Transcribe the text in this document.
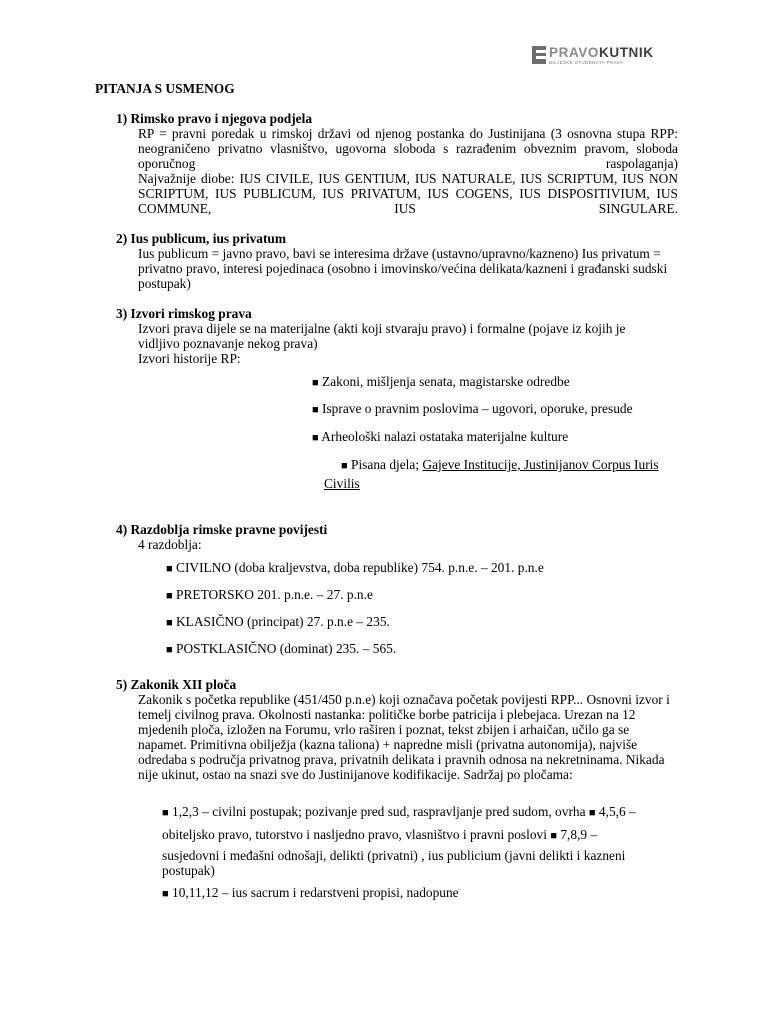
PRAVOKUTNIK
BILJEŠKE STUDENATA PRAVA
PITANJA S USMENOG
1) Rimsko pravo i njegova podjela
RP = pravni poredak u rimskoj državi od njenog postanka do Justinijana (3 osnovna stupa RPP: neograničeno privatno vlasništvo, ugovorna sloboda s razrađenim obveznim pravom, sloboda oporučnog raspolaganja)
Najvažnije diobe: IUS CIVILE, IUS GENTIUM, IUS NATURALE, IUS SCRIPTUM, IUS NON SCRIPTUM, IUS PUBLICUM, IUS PRIVATUM, IUS COGENS, IUS DISPOSITIVIUM, IUS COMMUNE, IUS SINGULARE.
2) Ius publicum, ius privatum
Ius publicum = javno pravo, bavi se interesima države (ustavno/upravno/kazneno) Ius privatum = privatno pravo, interesi pojedinaca (osobno i imovinsko/većina delikata/kazneni i građanski sudski postupak)
3) Izvori rimskog prava
Izvori prava dijele se na materijalne (akti koji stvaraju pravo) i formalne (pojave iz kojih je vidljivo poznavanje nekog prava)
Izvori historije RP:
■ Zakoni, mišljenja senata, magistarske odredbe
■ Isprave o pravnim poslovima – ugovori, oporuke, presude
■ Arheološki nalazi ostataka materijalne kulture
■ Pisana djela; Gajeve Institucije, Justinijanov Corpus Iuris
Civilis
4) Razdoblja rimske pravne povijesti
4 razdoblja:
■ CIVILNO (doba kraljevstva, doba republike) 754. p.n.e. – 201. p.n.e
■ PRETORSKO 201. p.n.e. – 27. p.n.e
■ KLASIČNO (principat) 27. p.n.e – 235.
■ POSTKLASIČNO (dominat) 235. – 565.
5) Zakonik XII ploča
Zakonik s početka republike (451/450 p.n.e) koji označava početak povijesti RPP... Osnovni izvor i temelj civilnog prava. Okolnosti nastanka: političke borbe patricija i plebejaca. Urezan na 12 mjedenih ploča, izložen na Forumu, vrlo raširen i poznat, tekst zbijen i arhaičan, učilo ga se napamet. Primitivna obilježja (kazna taliona) + napredne misli (privatna autonomija), najviše odredaba s područja privatnog prava, privatnih delikata i pravnih odnosa na nekretninama. Nikada nije ukinut, ostao na snazi sve do Justinijanove kodifikacije. Sadržaj po pločama:
■ 1,2,3 – civilni postupak; pozivanje pred sud, raspravljanje pred sudom, ovrha ■ 4,5,6 –
obiteljsko pravo, tutorstvo i nasljedno pravo, vlasništvo i pravni poslovi ■ 7,8,9 –
susjedovni i međašni odnošaji, delikti (privatni) , ius publicium (javni delikti i kazneni
postupak)
■ 10,11,12 – ius sacrum i redarstveni propisi, nadopune
